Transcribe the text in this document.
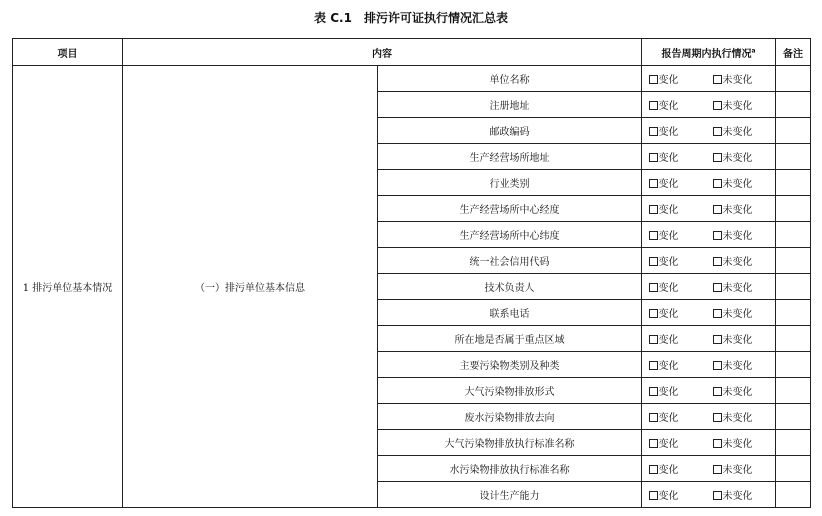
表 C.1　排污许可证执行情况汇总表
项目	内容		报告周期内执行情况$^a$	备注
1 排污单位基本情况	（一）排污单位基本信息	单位名称	变化 未变化	
		注册地址	变化 未变化	
		邮政编码	变化 未变化	
		生产经营场所地址	变化 未变化	
		行业类别	变化 未变化	
		生产经营场所中心经度	变化 未变化	
		生产经营场所中心纬度	变化 未变化	
		统一社会信用代码	变化 未变化	
		技术负责人	变化 未变化	
		联系电话	变化 未变化	
		所在地是否属于重点区域	变化 未变化	
		主要污染物类别及种类	变化 未变化	
		大气污染物排放形式	变化 未变化	
		废水污染物排放去向	变化 未变化	
		大气污染物排放执行标准名称	变化 未变化	
		水污染物排放执行标准名称	变化 未变化	
		设计生产能力	变化 未变化	
